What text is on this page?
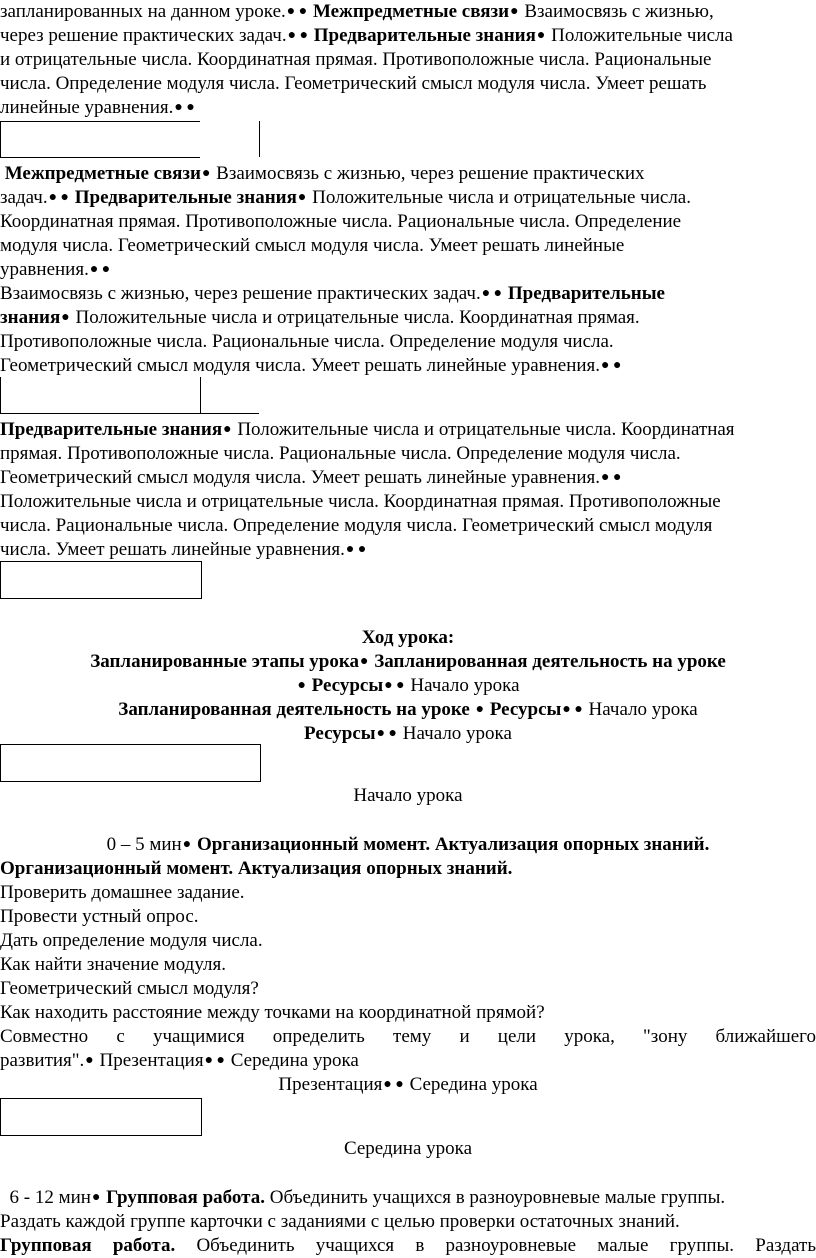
запланированных на данном уроке.● ● Межпредметные связи● Взаимосвязь с жизнью,
через решение практических задач.● ● Предварительные знания● Положительные числа
и отрицательные числа. Координатная прямая. Противоположные числа. Рациональные
числа. Определение модуля числа. Геометрический смысл модуля числа. Умеет решать
линейные уравнения.● ●
Межпредметные связи● Взаимосвязь с жизнью, через решение практических
задач.● ● Предварительные знания● Положительные числа и отрицательные числа.
Координатная прямая. Противоположные числа. Рациональные числа. Определение
модуля числа. Геометрический смысл модуля числа. Умеет решать линейные
уравнения.● ●
Взаимосвязь с жизнью, через решение практических задач.● ● Предварительные
знания● Положительные числа и отрицательные числа. Координатная прямая.
Противоположные числа. Рациональные числа. Определение модуля числа.
Геометрический смысл модуля числа. Умеет решать линейные уравнения.● ●
Предварительные знания● Положительные числа и отрицательные числа. Координатная
прямая. Противоположные числа. Рациональные числа. Определение модуля числа.
Геометрический смысл модуля числа. Умеет решать линейные уравнения.● ●
Положительные числа и отрицательные числа. Координатная прямая. Противоположные
числа. Рациональные числа. Определение модуля числа. Геометрический смысл модуля
числа. Умеет решать линейные уравнения.● ●
Ход урока:
Запланированные этапы урока● Запланированная деятельность на уроке
● Ресурсы● ● Начало урока
Запланированная деятельность на уроке ● Ресурсы● ● Начало урока
Ресурсы● ● Начало урока
Начало урока
0 – 5 мин● Организационный момент. Актуализация опорных знаний.
Организационный момент. Актуализация опорных знаний.
Проверить домашнее задание.
Провести устный опрос.
Дать определение модуля числа.
Как найти значение модуля.
Геометрический смысл модуля?
Как находить расстояние между точками на координатной прямой?
Совместно с учащимися определить тему и цели урока, "зону ближайшего
развития".● Презентация● ● Середина урока
Презентация● ● Середина урока
Середина урока
6 - 12 мин● Групповая работа. Объединить учащихся в разноуровневые малые группы.
Раздать каждой группе карточки с заданиями с целью проверки остаточных знаний.
Групповая работа. Объединить учащихся в разноуровневые малые группы. Раздать
